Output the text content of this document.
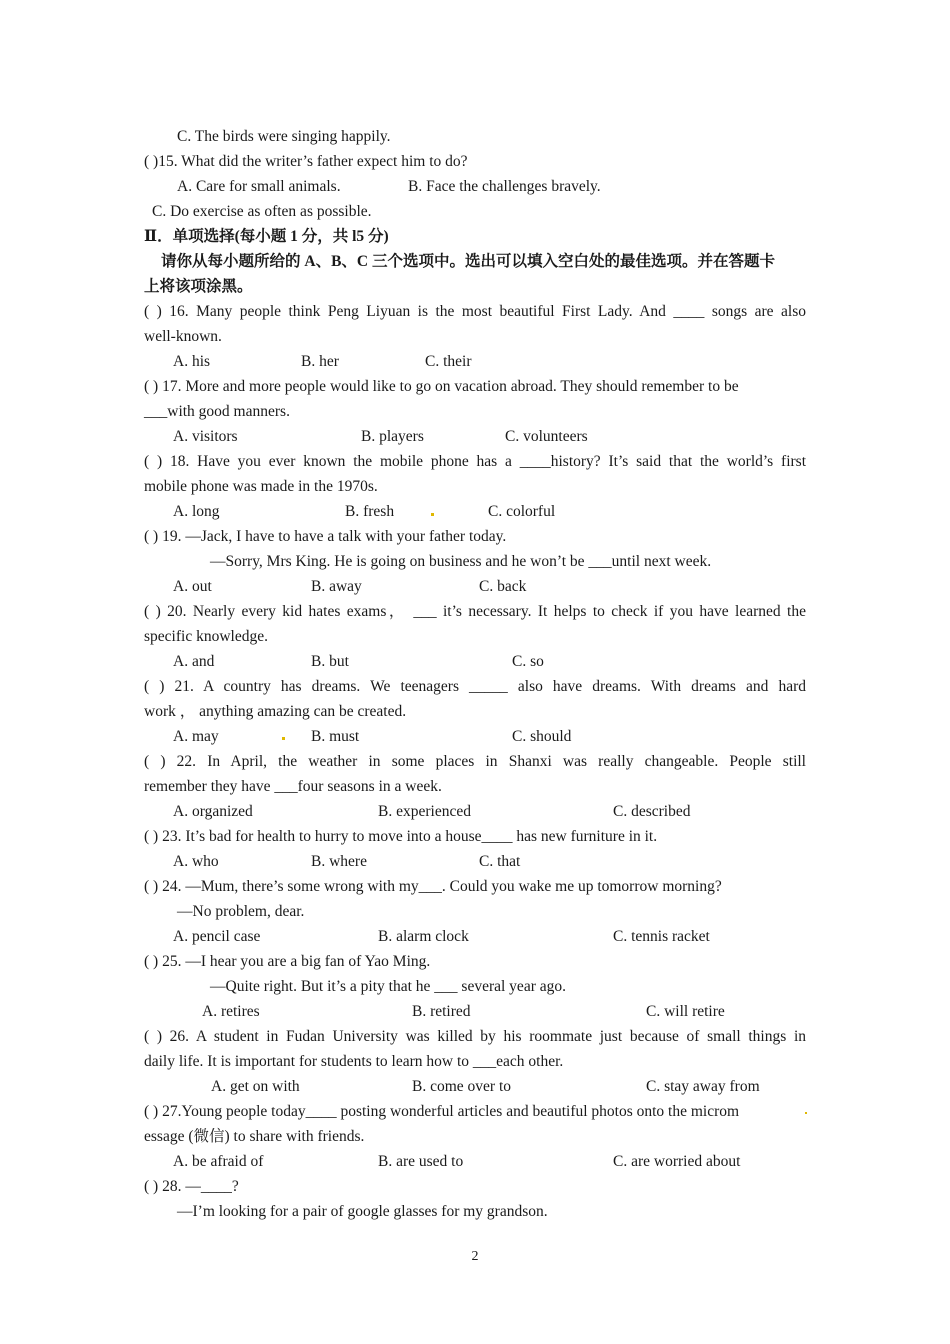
C. The birds were singing happily.
( )15. What did the writer’s father expect him to do?
A. Care for small animals.	B. Face the challenges bravely.
C. Do exercise as often as possible.
Ⅱ．单项选择(每小题 1 分，共 l5 分)
请你从每小题所给的 A、B、C 三个选项中。选出可以填入空白处的最佳选项。并在答题卡
上将该项涂黑。
( ) 16. Many people think Peng Liyuan is the most beautiful First Lady. And ____ songs are also
well-known.
A. his	B. her	C. their
( ) 17. More and more people would like to go on vacation abroad. They should remember to be
___with good manners.
A. visitors	B. players	C. volunteers
( ) 18. Have you ever known the mobile phone has a ____history? It’s said that the world’s first
mobile phone was made in the 1970s.
A. long	B. fresh	C. colorful
( ) 19. —Jack, I have to have a talk with your father today.
—Sorry, Mrs King. He is going on business and he won’t be ___until next week.
A. out	B. away	C. back
( ) 20. Nearly every kid hates exams， ___ it’s necessary. It helps to check if you have learned the
specific knowledge.
A. and	B. but	C. so
( ) 21. A country has dreams. We teenagers _____ also have dreams. With dreams and hard
work ， anything amazing can be created.
A. may	B. must	C. should
( ) 22. In April, the weather in some places in Shanxi was really changeable. People still
remember they have ___four seasons in a week.
A. organized	B. experienced	C. described
( ) 23. It’s bad for health to hurry to move into a house____ has new furniture in it.
A. who	B. where	C. that
( ) 24. —Mum, there’s some wrong with my___. Could you wake me up tomorrow morning?
—No problem, dear.
A. pencil case	B. alarm clock	C. tennis racket
( ) 25. —I hear you are a big fan of Yao Ming.
—Quite right. But it’s a pity that he ___ several year ago.
A. retires	B. retired	C. will retire
( ) 26. A student in Fudan University was killed by his roommate just because of small things in
daily life. It is important for students to learn how to ___each other.
A. get on with	B. come over to	C. stay away from
( ) 27.Young people today____ posting wonderful articles and beautiful photos onto the microm
essage (微信) to share with friends.
A. be afraid of	B. are used to	C. are worried about
( ) 28. —____?
—I’m looking for a pair of google glasses for my grandson.
2
